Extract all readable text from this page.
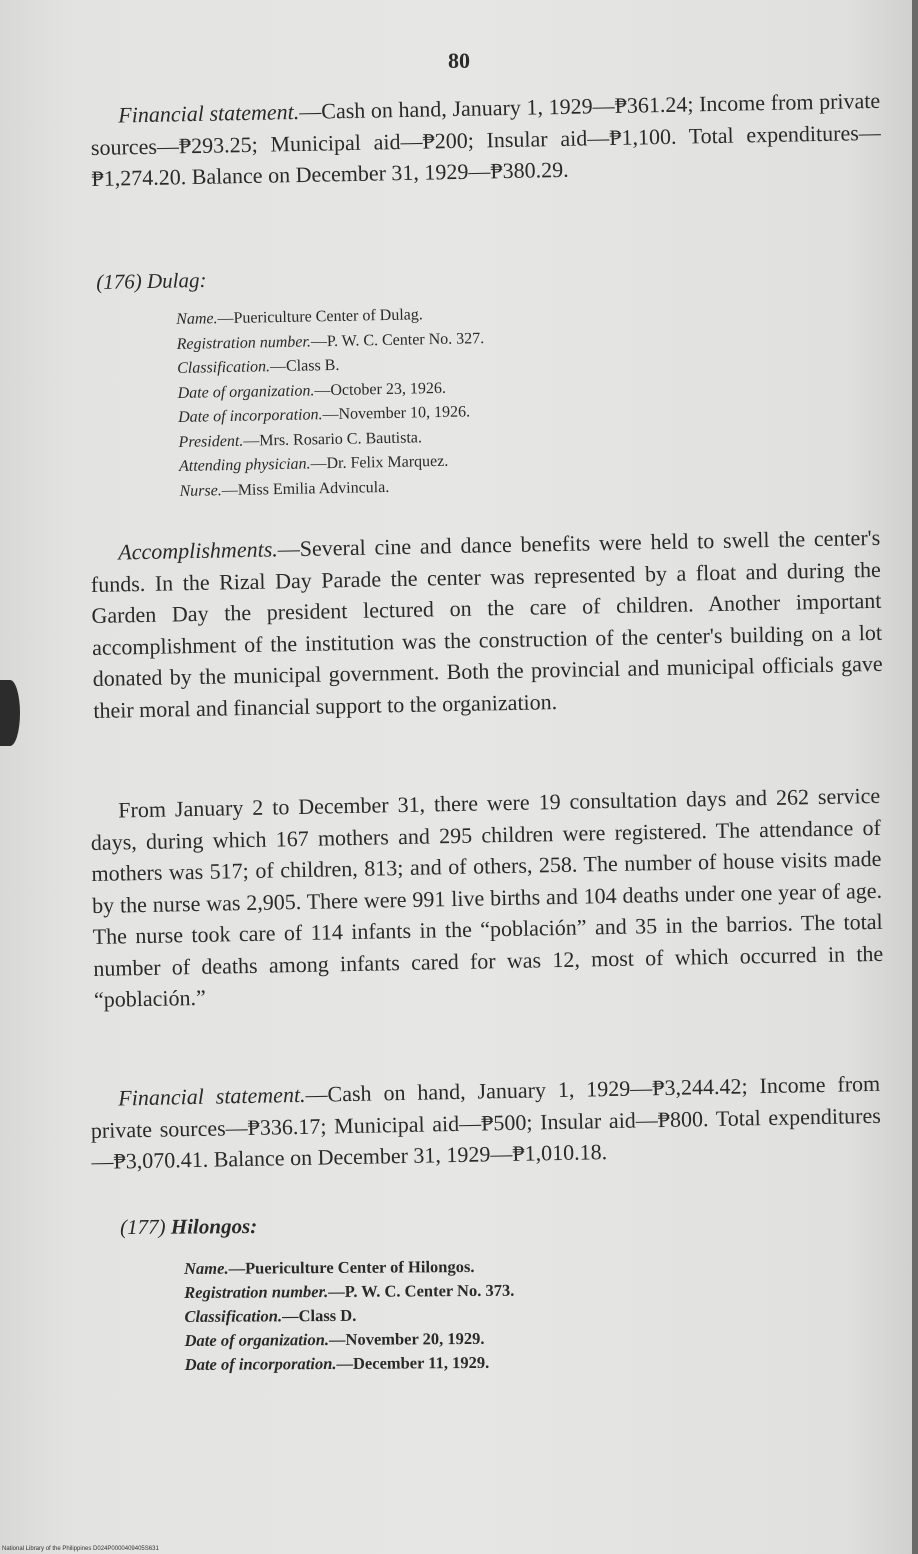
80
Financial statement.—Cash on hand, January 1, 1929—₱361.24; Income from private sources—₱293.25; Municipal aid—₱200; Insular aid—₱1,100. Total expenditures—₱1,274.20. Balance on December 31, 1929—₱380.29.
(176) Dulag:
Name.—Puericulture Center of Dulag.
Registration number.—P. W. C. Center No. 327.
Classification.—Class B.
Date of organization.—October 23, 1926.
Date of incorporation.—November 10, 1926.
President.—Mrs. Rosario C. Bautista.
Attending physician.—Dr. Felix Marquez.
Nurse.—Miss Emilia Advincula.
Accomplishments.—Several cine and dance benefits were held to swell the center's funds. In the Rizal Day Parade the center was represented by a float and during the Garden Day the president lectured on the care of children. Another important accomplishment of the institution was the construction of the center's building on a lot donated by the municipal government. Both the provincial and municipal officials gave their moral and financial support to the organization.
From January 2 to December 31, there were 19 consultation days and 262 service days, during which 167 mothers and 295 children were registered. The attendance of mothers was 517; of children, 813; and of others, 258. The number of house visits made by the nurse was 2,905. There were 991 live births and 104 deaths under one year of age. The nurse took care of 114 infants in the “población” and 35 in the barrios. The total number of deaths among infants cared for was 12, most of which occurred in the “población.”
Financial statement.—Cash on hand, January 1, 1929—₱3,244.42; Income from private sources—₱336.17; Municipal aid—₱500; Insular aid—₱800. Total expenditures—₱3,070.41. Balance on December 31, 1929—₱1,010.18.
(177) Hilongos:
Name.—Puericulture Center of Hilongos.
Registration number.—P. W. C. Center No. 373.
Classification.—Class D.
Date of organization.—November 20, 1929.
Date of incorporation.—December 11, 1929.
National Library of the Philippines D024P0000409405S631
